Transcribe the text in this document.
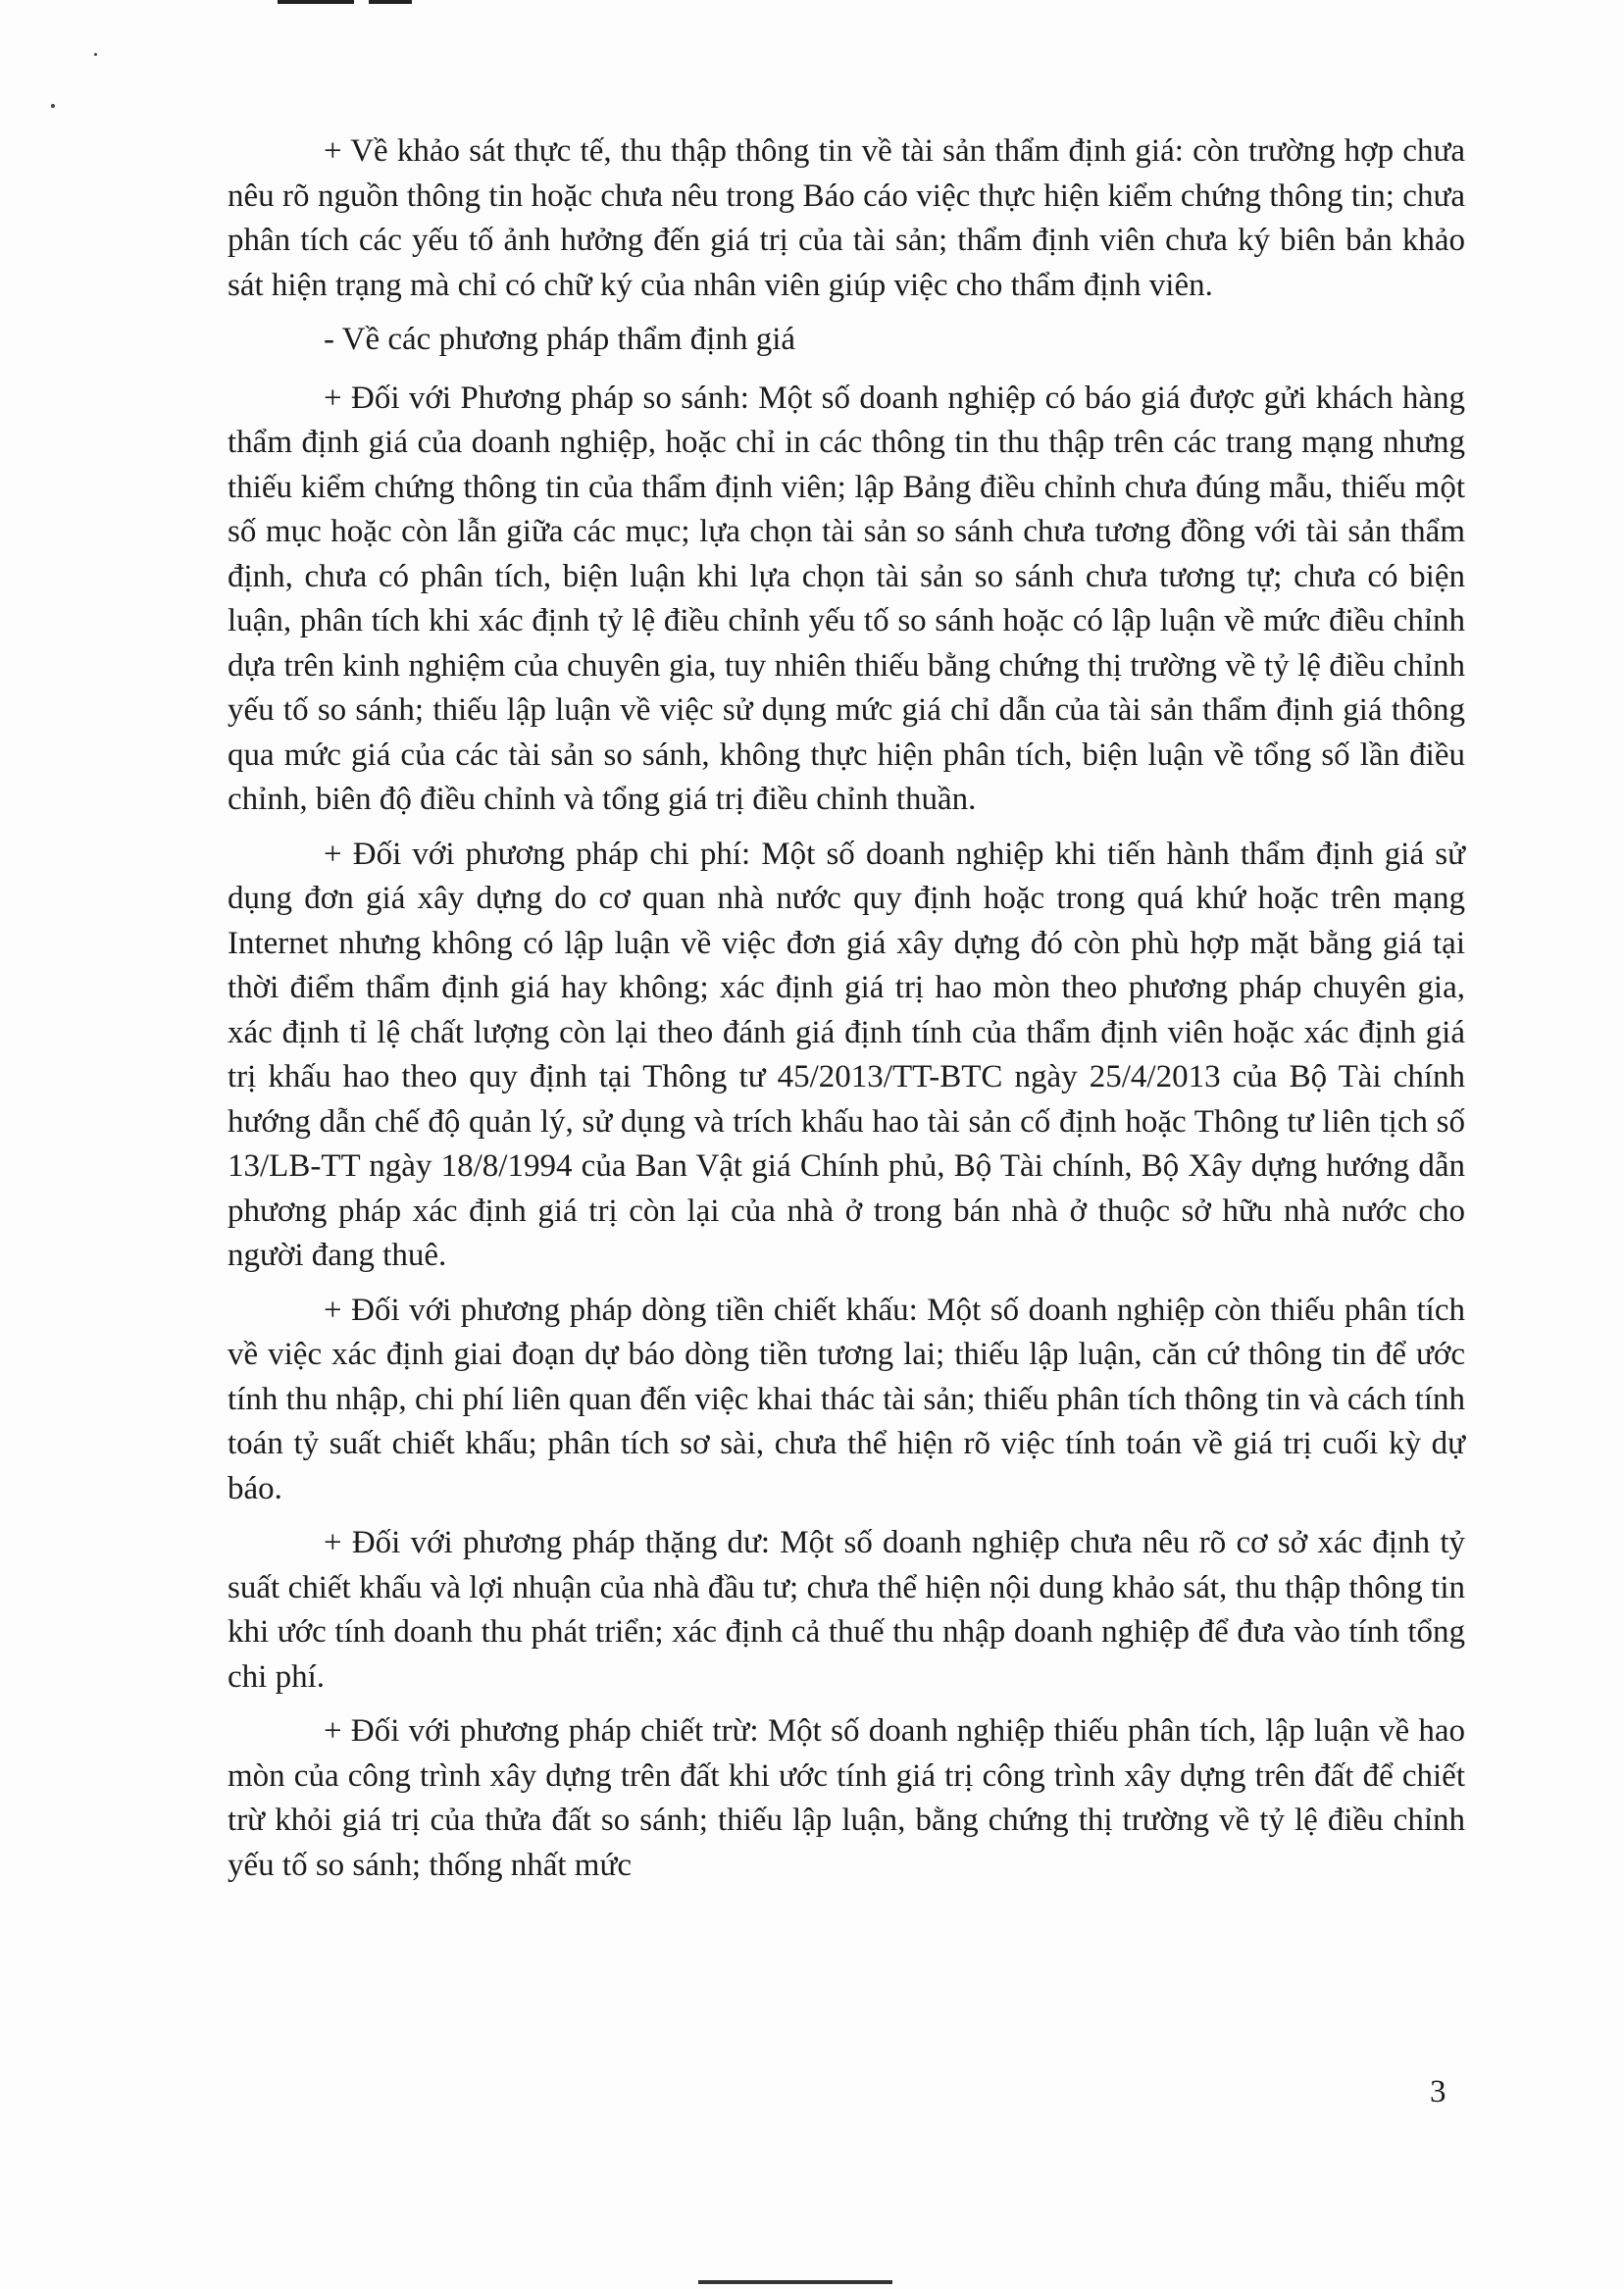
+ Về khảo sát thực tế, thu thập thông tin về tài sản thẩm định giá: còn trường hợp chưa nêu rõ nguồn thông tin hoặc chưa nêu trong Báo cáo việc thực hiện kiểm chứng thông tin; chưa phân tích các yếu tố ảnh hưởng đến giá trị của tài sản; thẩm định viên chưa ký biên bản khảo sát hiện trạng mà chỉ có chữ ký của nhân viên giúp việc cho thẩm định viên.

- Về các phương pháp thẩm định giá

+ Đối với Phương pháp so sánh: Một số doanh nghiệp có báo giá được gửi khách hàng thẩm định giá của doanh nghiệp, hoặc chỉ in các thông tin thu thập trên các trang mạng nhưng thiếu kiểm chứng thông tin của thẩm định viên; lập Bảng điều chỉnh chưa đúng mẫu, thiếu một số mục hoặc còn lẫn giữa các mục; lựa chọn tài sản so sánh chưa tương đồng với tài sản thẩm định, chưa có phân tích, biện luận khi lựa chọn tài sản so sánh chưa tương tự; chưa có biện luận, phân tích khi xác định tỷ lệ điều chỉnh yếu tố so sánh hoặc có lập luận về mức điều chỉnh dựa trên kinh nghiệm của chuyên gia, tuy nhiên thiếu bằng chứng thị trường về tỷ lệ điều chỉnh yếu tố so sánh; thiếu lập luận về việc sử dụng mức giá chỉ dẫn của tài sản thẩm định giá thông qua mức giá của các tài sản so sánh, không thực hiện phân tích, biện luận về tổng số lần điều chỉnh, biên độ điều chỉnh và tổng giá trị điều chỉnh thuần.

+ Đối với phương pháp chi phí: Một số doanh nghiệp khi tiến hành thẩm định giá sử dụng đơn giá xây dựng do cơ quan nhà nước quy định hoặc trong quá khứ hoặc trên mạng Internet nhưng không có lập luận về việc đơn giá xây dựng đó còn phù hợp mặt bằng giá tại thời điểm thẩm định giá hay không; xác định giá trị hao mòn theo phương pháp chuyên gia, xác định tỉ lệ chất lượng còn lại theo đánh giá định tính của thẩm định viên hoặc xác định giá trị khấu hao theo quy định tại Thông tư 45/2013/TT-BTC ngày 25/4/2013 của Bộ Tài chính hướng dẫn chế độ quản lý, sử dụng và trích khấu hao tài sản cố định hoặc Thông tư liên tịch số 13/LB-TT ngày 18/8/1994 của Ban Vật giá Chính phủ, Bộ Tài chính, Bộ Xây dựng hướng dẫn phương pháp xác định giá trị còn lại của nhà ở trong bán nhà ở thuộc sở hữu nhà nước cho người đang thuê.

+ Đối với phương pháp dòng tiền chiết khấu: Một số doanh nghiệp còn thiếu phân tích về việc xác định giai đoạn dự báo dòng tiền tương lai; thiếu lập luận, căn cứ thông tin để ước tính thu nhập, chi phí liên quan đến việc khai thác tài sản; thiếu phân tích thông tin và cách tính toán tỷ suất chiết khấu; phân tích sơ sài, chưa thể hiện rõ việc tính toán về giá trị cuối kỳ dự báo.

+ Đối với phương pháp thặng dư: Một số doanh nghiệp chưa nêu rõ cơ sở xác định tỷ suất chiết khấu và lợi nhuận của nhà đầu tư; chưa thể hiện nội dung khảo sát, thu thập thông tin khi ước tính doanh thu phát triển; xác định cả thuế thu nhập doanh nghiệp để đưa vào tính tổng chi phí.

+ Đối với phương pháp chiết trừ: Một số doanh nghiệp thiếu phân tích, lập luận về hao mòn của công trình xây dựng trên đất khi ước tính giá trị công trình xây dựng trên đất để chiết trừ khỏi giá trị của thửa đất so sánh; thiếu lập luận, bằng chứng thị trường về tỷ lệ điều chỉnh yếu tố so sánh; thống nhất mức

3
